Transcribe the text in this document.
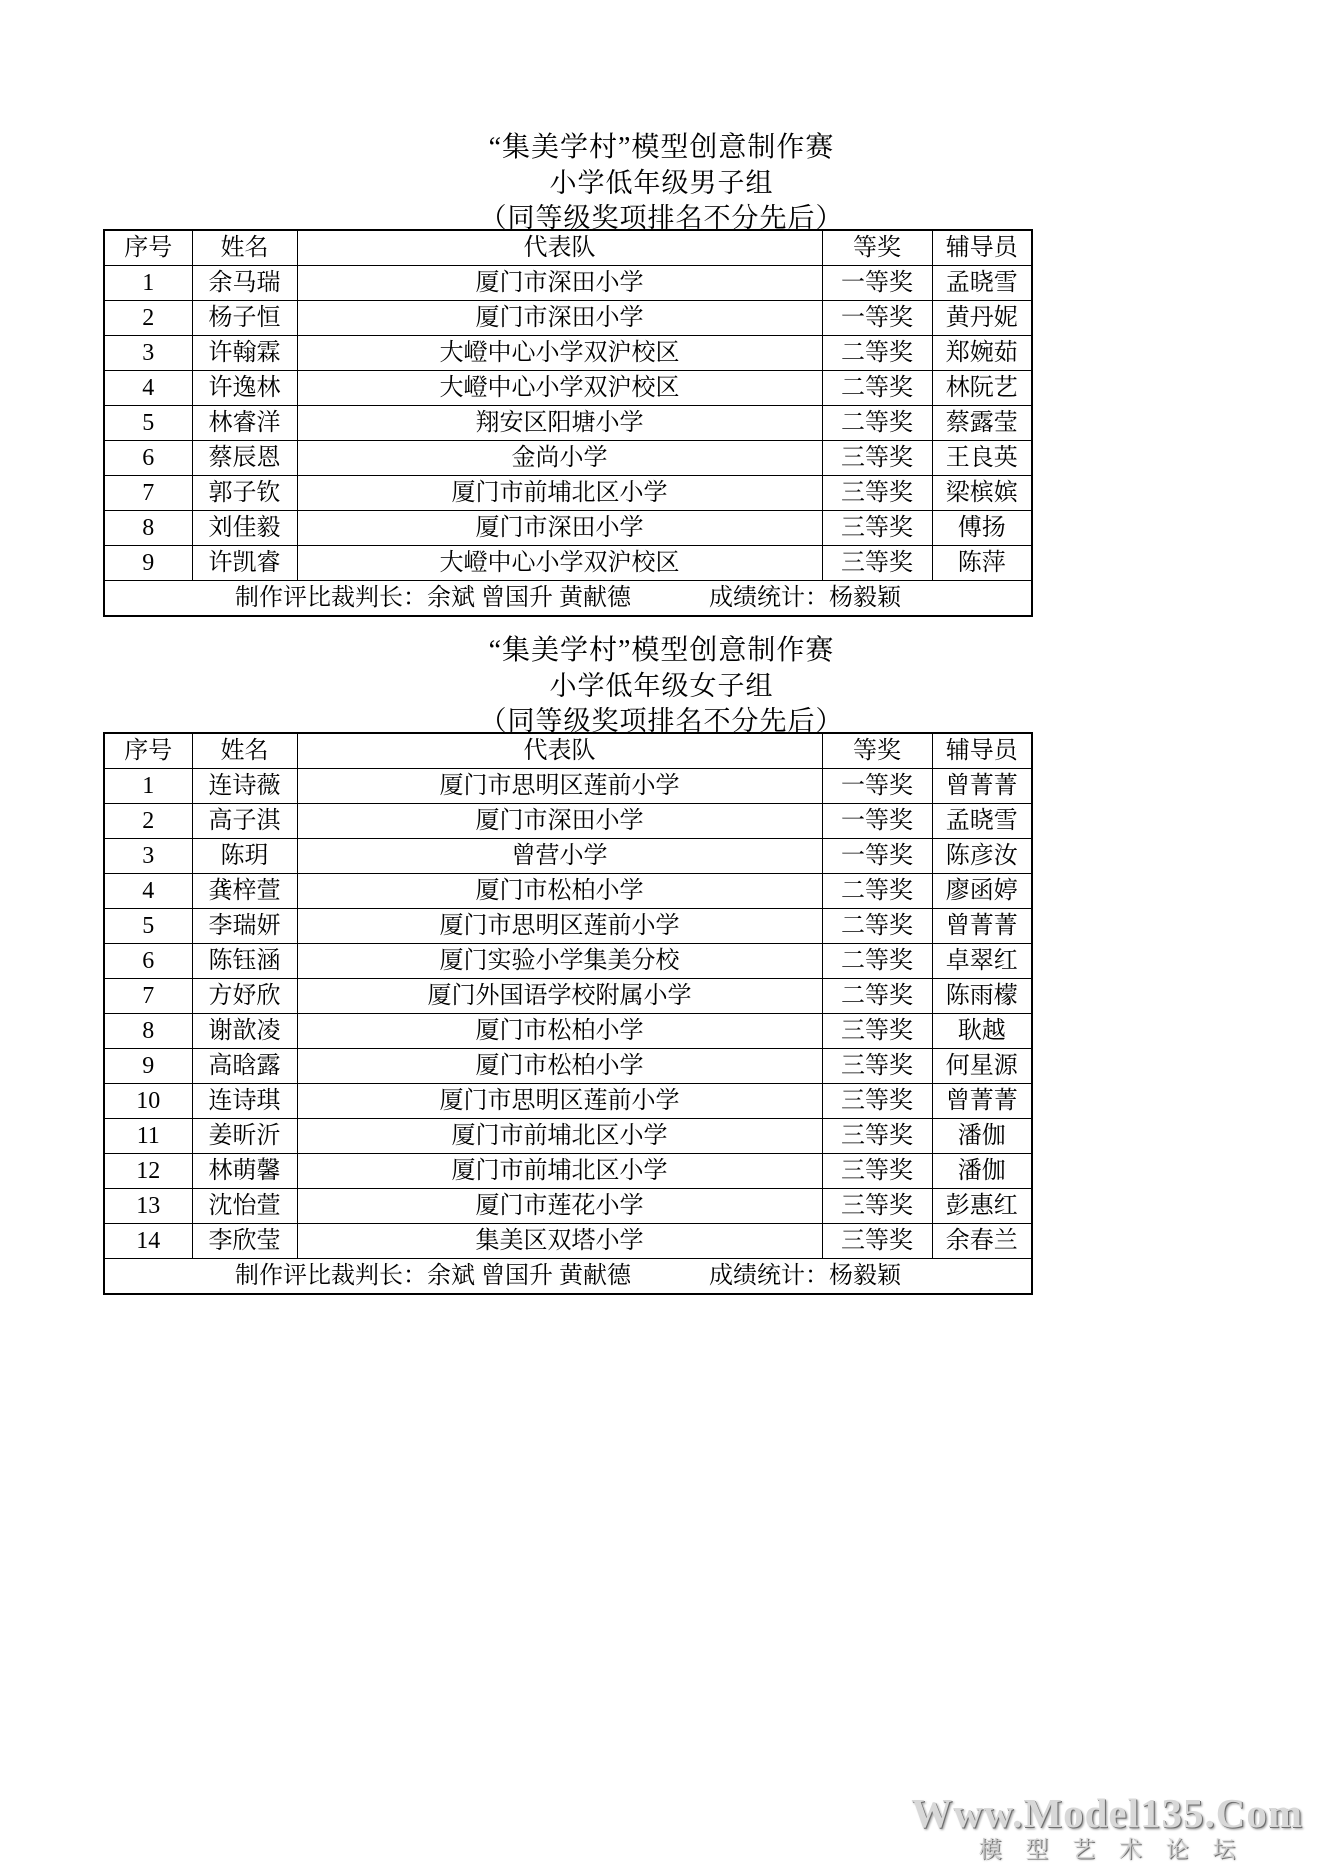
“集美学村”模型创意制作赛
小学低年级男子组
（同等级奖项排名不分先后）
序号	姓名	代表队	等奖	辅导员
1	余马瑞	厦门市深田小学	一等奖	孟晓雪
2	杨子恒	厦门市深田小学	一等奖	黄丹妮
3	许翰霖	大嶝中心小学双沪校区	二等奖	郑婉茹
4	许逸林	大嶝中心小学双沪校区	二等奖	林阮艺
5	林睿洋	翔安区阳塘小学	二等奖	蔡露莹
6	蔡辰恩	金尚小学	三等奖	王良英
7	郭子钦	厦门市前埔北区小学	三等奖	梁槟嫔
8	刘佳毅	厦门市深田小学	三等奖	傅扬
9	许凯睿	大嶝中心小学双沪校区	三等奖	陈萍

制作评比裁判长：余斌 曾国升 黄献德 成绩统计：杨毅颖				
“集美学村”模型创意制作赛
小学低年级女子组
（同等级奖项排名不分先后）
序号	姓名	代表队	等奖	辅导员
1	连诗薇	厦门市思明区莲前小学	一等奖	曾菁菁
2	高子淇	厦门市深田小学	一等奖	孟晓雪
3	陈玥	曾营小学	一等奖	陈彦汝
4	龚梓萱	厦门市松柏小学	二等奖	廖函婷
5	李瑞妍	厦门市思明区莲前小学	二等奖	曾菁菁
6	陈钰涵	厦门实验小学集美分校	二等奖	卓翠红
7	方妤欣	厦门外国语学校附属小学	二等奖	陈雨檬
8	谢歆凌	厦门市松柏小学	三等奖	耿越
9	高晗露	厦门市松柏小学	三等奖	何星源
10	连诗琪	厦门市思明区莲前小学	三等奖	曾菁菁
11	姜昕沂	厦门市前埔北区小学	三等奖	潘伽
12	林萌馨	厦门市前埔北区小学	三等奖	潘伽
13	沈怡萱	厦门市莲花小学	三等奖	彭惠红
14	李欣莹	集美区双塔小学	三等奖	余春兰

制作评比裁判长：余斌 曾国升 黄献德 成绩统计：杨毅颖				
Www.Model135.Com
模 型 艺 术 论 坛
